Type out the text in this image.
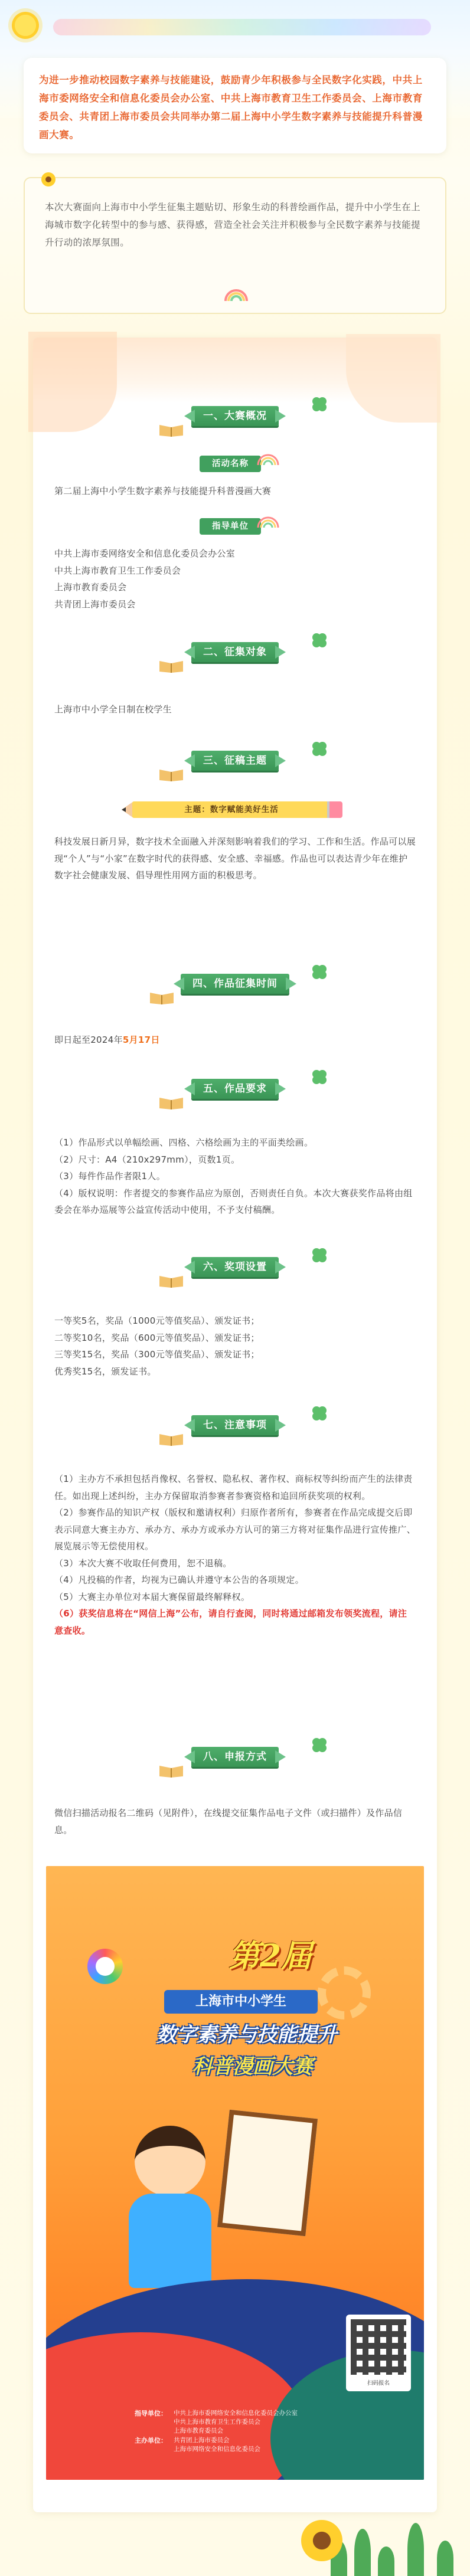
为进一步推动校园数字素养与技能建设，鼓励青少年积极参与全民数字化实践，中共上海市委网络安全和信息化委员会办公室、中共上海市教育卫生工作委员会、上海市教育委员会、共青团上海市委员会共同举办第二届上海中小学生数字素养与技能提升科普漫画大赛。

本次大赛面向上海市中小学生征集主题贴切、形象生动的科普绘画作品，提升中小学生在上海城市数字化转型中的参与感、获得感，营造全社会关注并积极参与全民数字素养与技能提升行动的浓厚氛围。

一、大赛概况
活动名称
第二届上海中小学生数字素养与技能提升科普漫画大赛
指导单位
中共上海市委网络安全和信息化委员会办公室
中共上海市教育卫生工作委员会
上海市教育委员会
共青团上海市委员会
二、征集对象
上海市中小学全日制在校学生
三、征稿主题
主题：数字赋能美好生活
科技发展日新月异，数字技术全面融入并深刻影响着我们的学习、工作和生活。作品可以展现“个人”与“小家”在数字时代的获得感、安全感、幸福感。作品也可以表达青少年在维护数字社会健康发展、倡导理性用网方面的积极思考。
四、作品征集时间
即日起至2024年5月17日
五、作品要求
（1）作品形式以单幅绘画、四格、六格绘画为主的平面类绘画。
（2）尺寸：A4（210x297mm），页数1页。
（3）每件作品作者限1人。
（4）版权说明：作者提交的参赛作品应为原创，否则责任自负。本次大赛获奖作品将由组委会在举办巡展等公益宣传活动中使用，不予支付稿酬。
六、奖项设置
一等奖5名，奖品（1000元等值奖品）、颁发证书；
二等奖10名，奖品（600元等值奖品）、颁发证书；
三等奖15名，奖品（300元等值奖品）、颁发证书；
优秀奖15名，颁发证书。
七、注意事项
（1）主办方不承担包括肖像权、名誉权、隐私权、著作权、商标权等纠纷而产生的法律责任。如出现上述纠纷，主办方保留取消参赛者参赛资格和追回所获奖项的权利。
（2）参赛作品的知识产权（版权和邀请权利）归原作者所有，参赛者在作品完成提交后即表示同意大赛主办方、承办方、承办方或承办方认可的第三方将对征集作品进行宣传推广、展览展示等无偿使用权。
（3）本次大赛不收取任何费用，恕不退稿。
（4）凡投稿的作者，均视为已确认并遵守本公告的各项规定。
（5）大赛主办单位对本届大赛保留最终解释权。
（6）获奖信息将在“网信上海”公布，请自行查阅，同时将通过邮箱发布领奖流程，请注意查收。
八、申报方式
微信扫描活动报名二维码（见附件），在线提交征集作品电子文件（或扫描件）及作品信息。
第2届
上海市中小学生
数字素养与技能提升
科普漫画大赛
扫码报名
指导单位：	中共上海市委网络安全和信息化委员会办公室
中共上海市教育卫生工作委员会
上海市教育委员会
主办单位：	共青团上海市委员会
上海市网络安全和信息化委员会
